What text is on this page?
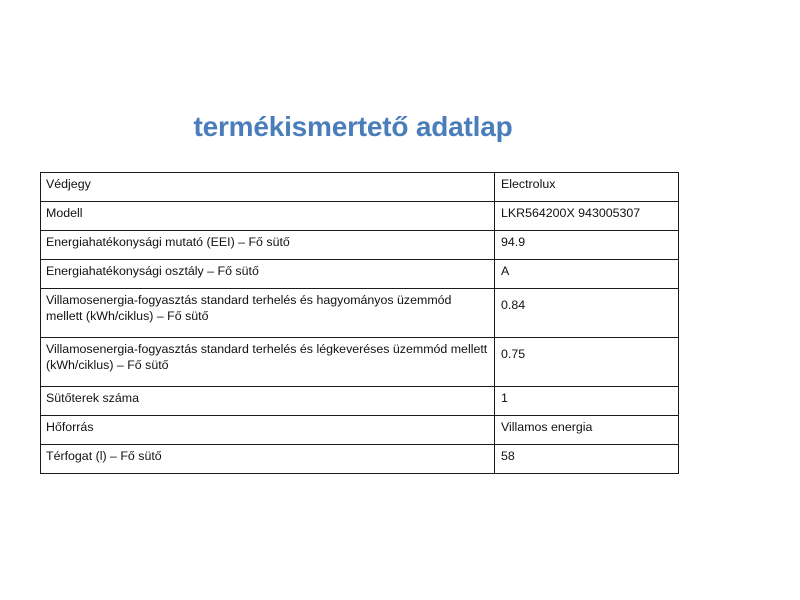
termékismertető adatlap
Védjegy	Electrolux
Modell	LKR564200X 943005307
Energiahatékonysági mutató (EEI) – Fő sütő	94.9
Energiahatékonysági osztály – Fő sütő	A
Villamosenergia-fogyasztás standard terhelés és hagyományos üzemmód mellett (kWh/ciklus) – Fő sütő	0.84
Villamosenergia-fogyasztás standard terhelés és légkeveréses üzemmód mellett (kWh/ciklus) – Fő sütő	0.75
Sütőterek száma	1
Hőforrás	Villamos energia
Térfogat (l) – Fő sütő	58
